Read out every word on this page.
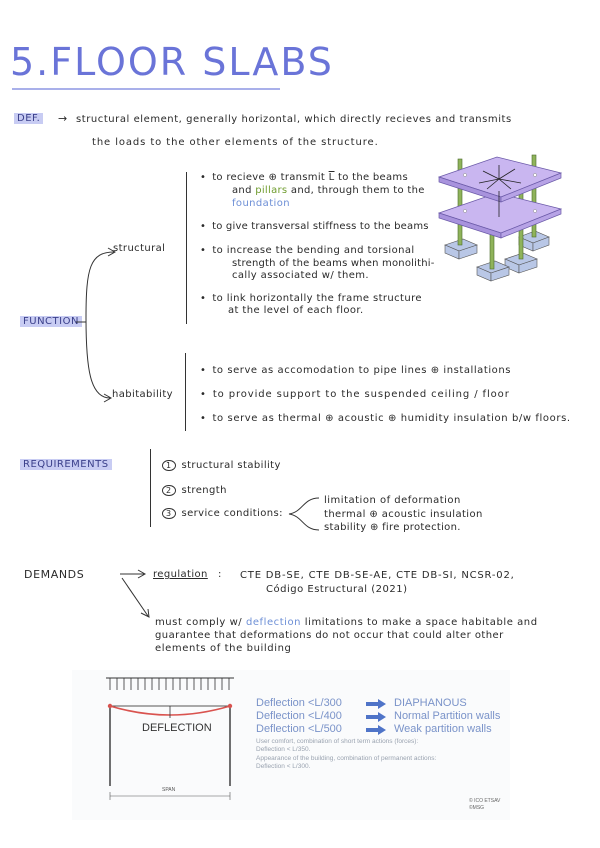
5.FLOOR SLABS
DEF. → structural element, generally horizontal, which directly recieves and transmits
the loads to the other elements of the structure.
FUNCTION
structural
• to recieve ⊕ transmit $\overline{L}$ to the beams
and pillars and, through them to the
foundation
• to give transversal stiffness to the beams
• to increase the bending and torsional
strength of the beams when monolithi-
cally associated w/ them.
• to link horizontally the frame structure
at the level of each floor.
habitability
• to serve as accomodation to pipe lines ⊕ installations
• to provide support to the suspended ceiling / floor
• to serve as thermal ⊕ acoustic ⊕ humidity insulation b/w floors.
REQUIREMENTS	1 structural stability
2 strength
3 service conditions:
limitation of deformation
thermal ⊕ acoustic insulation
stability ⊕ fire protection.
DEMANDS	regulation : CTE DB-SE, CTE DB-SE-AE, CTE DB-SI, NCSR-02,
Código Estructural (2021)
must comply w/ deflection limitations to make a space habitable and
guarantee that deformations do not occur that could alter other
elements of the building
DEFLECTION
SPAN
Deflection <L/300	DIAPHANOUS
Deflection <L/400	Normal Partition walls
Deflection <L/500	Weak partition walls
User comfort, combination of short term actions (forces):
Deflection < L/350.
Appearance of the building, combination of permanent actions:
Deflection < L/300.
© ICO ETSAV
©MSG
